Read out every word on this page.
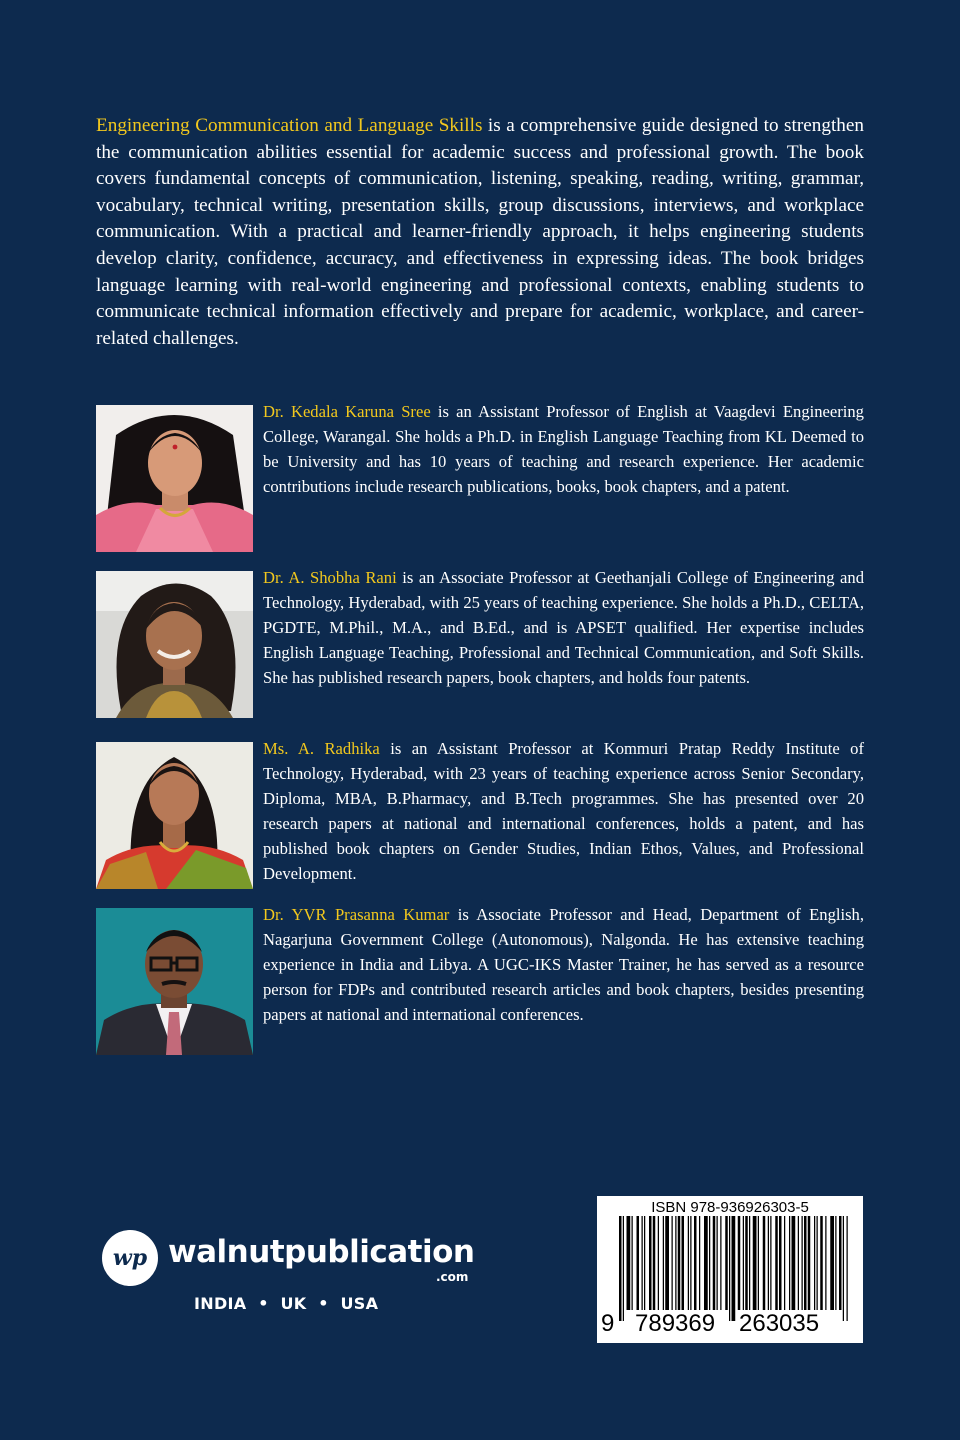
Engineering Communication and Language Skills is a comprehensive guide designed to strengthen the communication abilities essential for academic success and professional growth. The book covers fundamental concepts of communication, listening, speaking, reading, writing, grammar, vocabulary, technical writing, presentation skills, group discussions, interviews, and workplace communication. With a practical and learner-friendly approach, it helps engineering students develop clarity, confidence, accuracy, and effectiveness in expressing ideas. The book bridges language learning with real-world engineering and professional contexts, enabling students to communicate technical information effectively and prepare for academic, workplace, and career-related challenges.

Dr. Kedala Karuna Sree is an Assistant Professor of English at Vaagdevi Engineering College, Warangal. She holds a Ph.D. in English Language Teaching from KL Deemed to be University and has 10 years of teaching and research experience. Her academic contributions include research publications, books, book chapters, and a patent.

Dr. A. Shobha Rani is an Associate Professor at Geethanjali College of Engineering and Technology, Hyderabad, with 25 years of teaching experience. She holds a Ph.D., CELTA, PGDTE, M.Phil., M.A., and B.Ed., and is APSET qualified. Her expertise includes English Language Teaching, Professional and Technical Communication, and Soft Skills. She has published research papers, book chapters, and holds four patents.

Ms. A. Radhika is an Assistant Professor at Kommuri Pratap Reddy Institute of Technology, Hyderabad, with 23 years of teaching experience across Senior Secondary, Diploma, MBA, B.Pharmacy, and B.Tech programmes. She has presented over 20 research papers at national and international conferences, holds a patent, and has published book chapters on Gender Studies, Indian Ethos, Values, and Professional Development.

Dr. YVR Prasanna Kumar is Associate Professor and Head, Department of English, Nagarjuna Government College (Autonomous), Nalgonda. He has extensive teaching experience in India and Libya. A UGC-IKS Master Trainer, he has served as a resource person for FDPs and contributed research articles and book chapters, besides presenting papers at national and international conferences.

wp walnutpublication
.com
INDIA  •  UK  •  USA
ISBN 978-936926303-5
9 789369 263035
